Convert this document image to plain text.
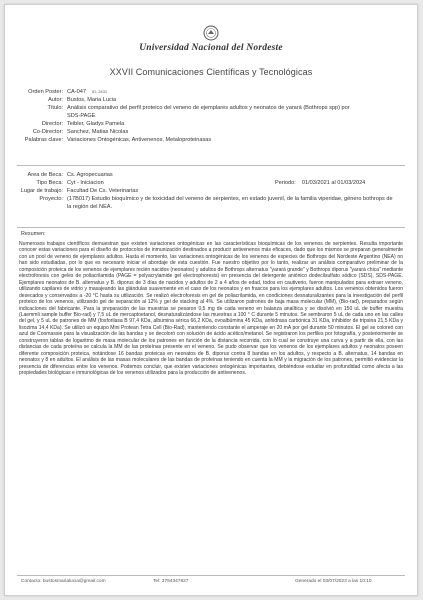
Universidad Nacional del Nordeste
XXVII Comunicaciones Científicas y Tecnológicas
Orden Poster: CA-047 ID: 2431
Autor: Bustos, Maria Lucia
Título: Análisis comparativo del perfil proteico del veneno de ejemplares adultos y neonatos de yarará (Bothrops spp) por SDS-PAGE
Director: Teibler, Gladys Pamela
Co-Director: Sanchez, Matias Nicolas
Palabras clave: Variaciones Ontogénicas, Antivenenos, Metaloproteinasas
Area de Beca: Cs. Agropecuarias
Tipo Beca: Cyt - Iniciacion	Periodo: 01/03/2021 al 01/03/2024
Lugar de trabajo: Facultad De Cs. Veterinarias
Proyecto: (17B017) Estudio bioquímico y de toxicidad del veneno de serpientes, en estado juvenil, de la familia viperidae, género bothrops de la región del NEA.
Resumen:
Numerosos trabajos científicos demuestran que existen variaciones ontogénicas en las características bioquímicas de los venenos de serpientes. Resulta importante conocer estas variaciones para el diseño de protocolos de inmunización destinados a producir antivenenos más eficaces, dado que los mismos se preparan generalmente con un pool de veneno de ejemplares adultos. Hasta el momento, las variaciones ontogénicas de los venenos de especies de Bothrops del Nordeste Argentino (NEA) no han sido estudiadas, por lo que es necesario iniciar el abordaje de esta cuestión. Fue nuestro objetivo por lo tanto, realizar un análisis comparativo preliminar de la composición proteica de los venenos de ejemplares recién nacidos (neonatos) y adultos de Bothrops alternatus "yarará grande" y Bothrops diporus "yarará chica" mediante electroforesis con geles de poliacrilamida (PAGE = polyacrylamide gel electrophoresis) en presencia del detergente aniónico dodecilsulfato sódico (SDS), SDS-PAGE. Ejemplares neonatos de B. alternatus y B. diporus de 3 días de nacidos y adultos de 2 a 4 años de edad, todos en cautiverio, fueron manipulados para extraer veneno, utilizando capilares de vidrio y masajeando las glándulas suavemente en el caso de los neonatos y en frascos para los ejemplares adultos. Los venenos obtenidos fueron desecados y conservados a -20 °C hasta su utilización. Se realizó electroforesis en gel de poliacrilamida, en condiciones desnaturalizantes para la investigación del perfil proteico de los venenos, utilizando gel de separación al 12% y gel de stacking al 4%. Se utilizaron patrones de baja masa molecular (MM), (Bio-rad), preparados según indicaciones del fabricante. Para la preparación de las muestras se pesaron 0,5 mg de cada veneno en balanza analítica y se disolvió en 150 uL de buffer muestra (Laemmli sample buffer Bio-rad) y 7,5 uL de mercaptoetanol, desnaturalizándose las muestras a 100 ° C durante 5 minutos. Se sembraron 5 uL de cada uno en las calles del gel, y 5 uL de patrones de MM (fosforilasa B 97,4 KDa, albumina sérica 66,2 KDa, ovoalbúmina 45 KDa, anhidrasa carbónica 31 KDa, inhibidor de tripsina 21,5 KDa y lisozima 14,4 KDa). Se utilizó un equipo Mini Protean Tetra Cell (Bio-Rad), manteniendo constante el amperaje en 20 mA por gel durante 50 minutos. El gel se coloreó con azul de Coomassie para la visualización de las bandas y se decoloró con solución de ácido acético/metanol. Se registraron los perfiles por fotografía, y posteriormente se construyeron tablas de logaritmo de masa molecular de los patrones en función de la distancia recorrida, con lo cual se construye una curva y a partir de ella, con las distancias de cada proteína se calcula la MM de las proteínas presente en el veneno. Se pudo observar que los venenos de los ejemplares adultos y neonatos poseen diferente composición proteica, notándose 16 bandas proteicas en neonatos de B. diporus contra 8 bandas en los adultos, y respecto a B. alternatus, 14 bandas en neonatos y 8 en adultos. El análisis de las masas moleculares de las bandas de proteínas teniendo en cuenta la MM y la migración de los patrones, permitió evidenciar la presencia de diferencias entre los venenos. Podemos concluir, que existen variaciones ontogénicas importantes, debiéndose estudiar en profundidad como afecta a las propiedades biológicas e inmunológicas de los venenos utilizados para la producción de antivenenos.
Contacto: bustosmarialucia@gmail.com	Tel: 3794347827	Generado el 03/07/2023 a las 10:10
